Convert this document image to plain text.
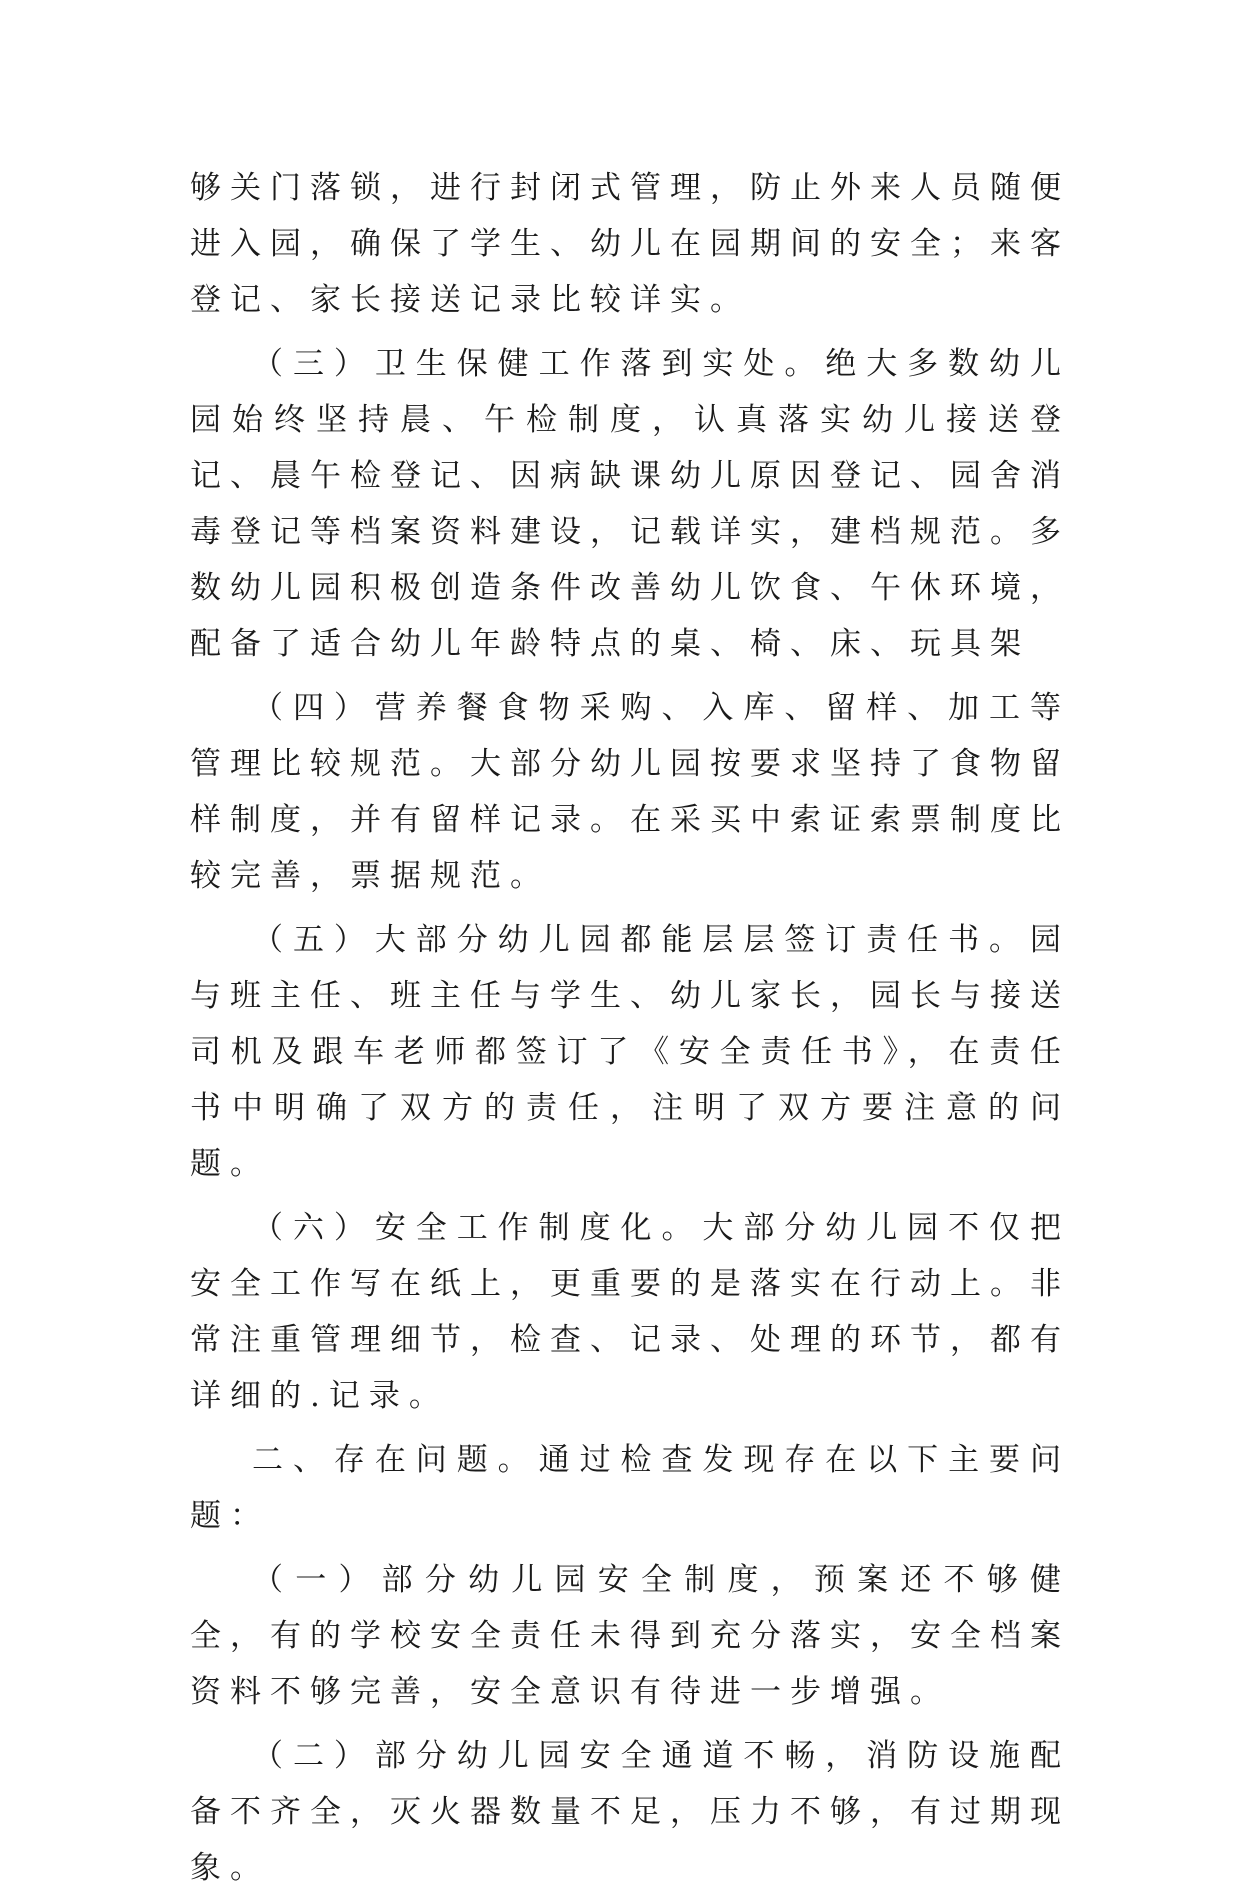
够关门落锁，进行封闭式管理，防止外来人员随便进入园，确保了学生、幼儿在园期间的安全；来客登记、家长接送记录比较详实。

（三）卫生保健工作落到实处。绝大多数幼儿园始终坚持晨、午检制度，认真落实幼儿接送登记、晨午检登记、因病缺课幼儿原因登记、园舍消毒登记等档案资料建设，记载详实，建档规范。多数幼儿园积极创造条件改善幼儿饮食、午休环境，配备了适合幼儿年龄特点的桌、椅、床、玩具架

（四）营养餐食物采购、入库、留样、加工等管理比较规范。大部分幼儿园按要求坚持了食物留样制度，并有留样记录。在采买中索证索票制度比较完善，票据规范。

（五）大部分幼儿园都能层层签订责任书。园与班主任、班主任与学生、幼儿家长，园长与接送司机及跟车老师都签订了《安全责任书》，在责任书中明确了双方的责任，注明了双方要注意的问题。

（六）安全工作制度化。大部分幼儿园不仅把安全工作写在纸上，更重要的是落实在行动上。非常注重管理细节，检查、记录、处理的环节，都有详细的.记录。

二、存在问题。通过检查发现存在以下主要问题：

（一）部分幼儿园安全制度，预案还不够健全，有的学校安全责任未得到充分落实，安全档案资料不够完善，安全意识有待进一步增强。

（二）部分幼儿园安全通道不畅，消防设施配备不齐全，灭火器数量不足，压力不够，有过期现象。
